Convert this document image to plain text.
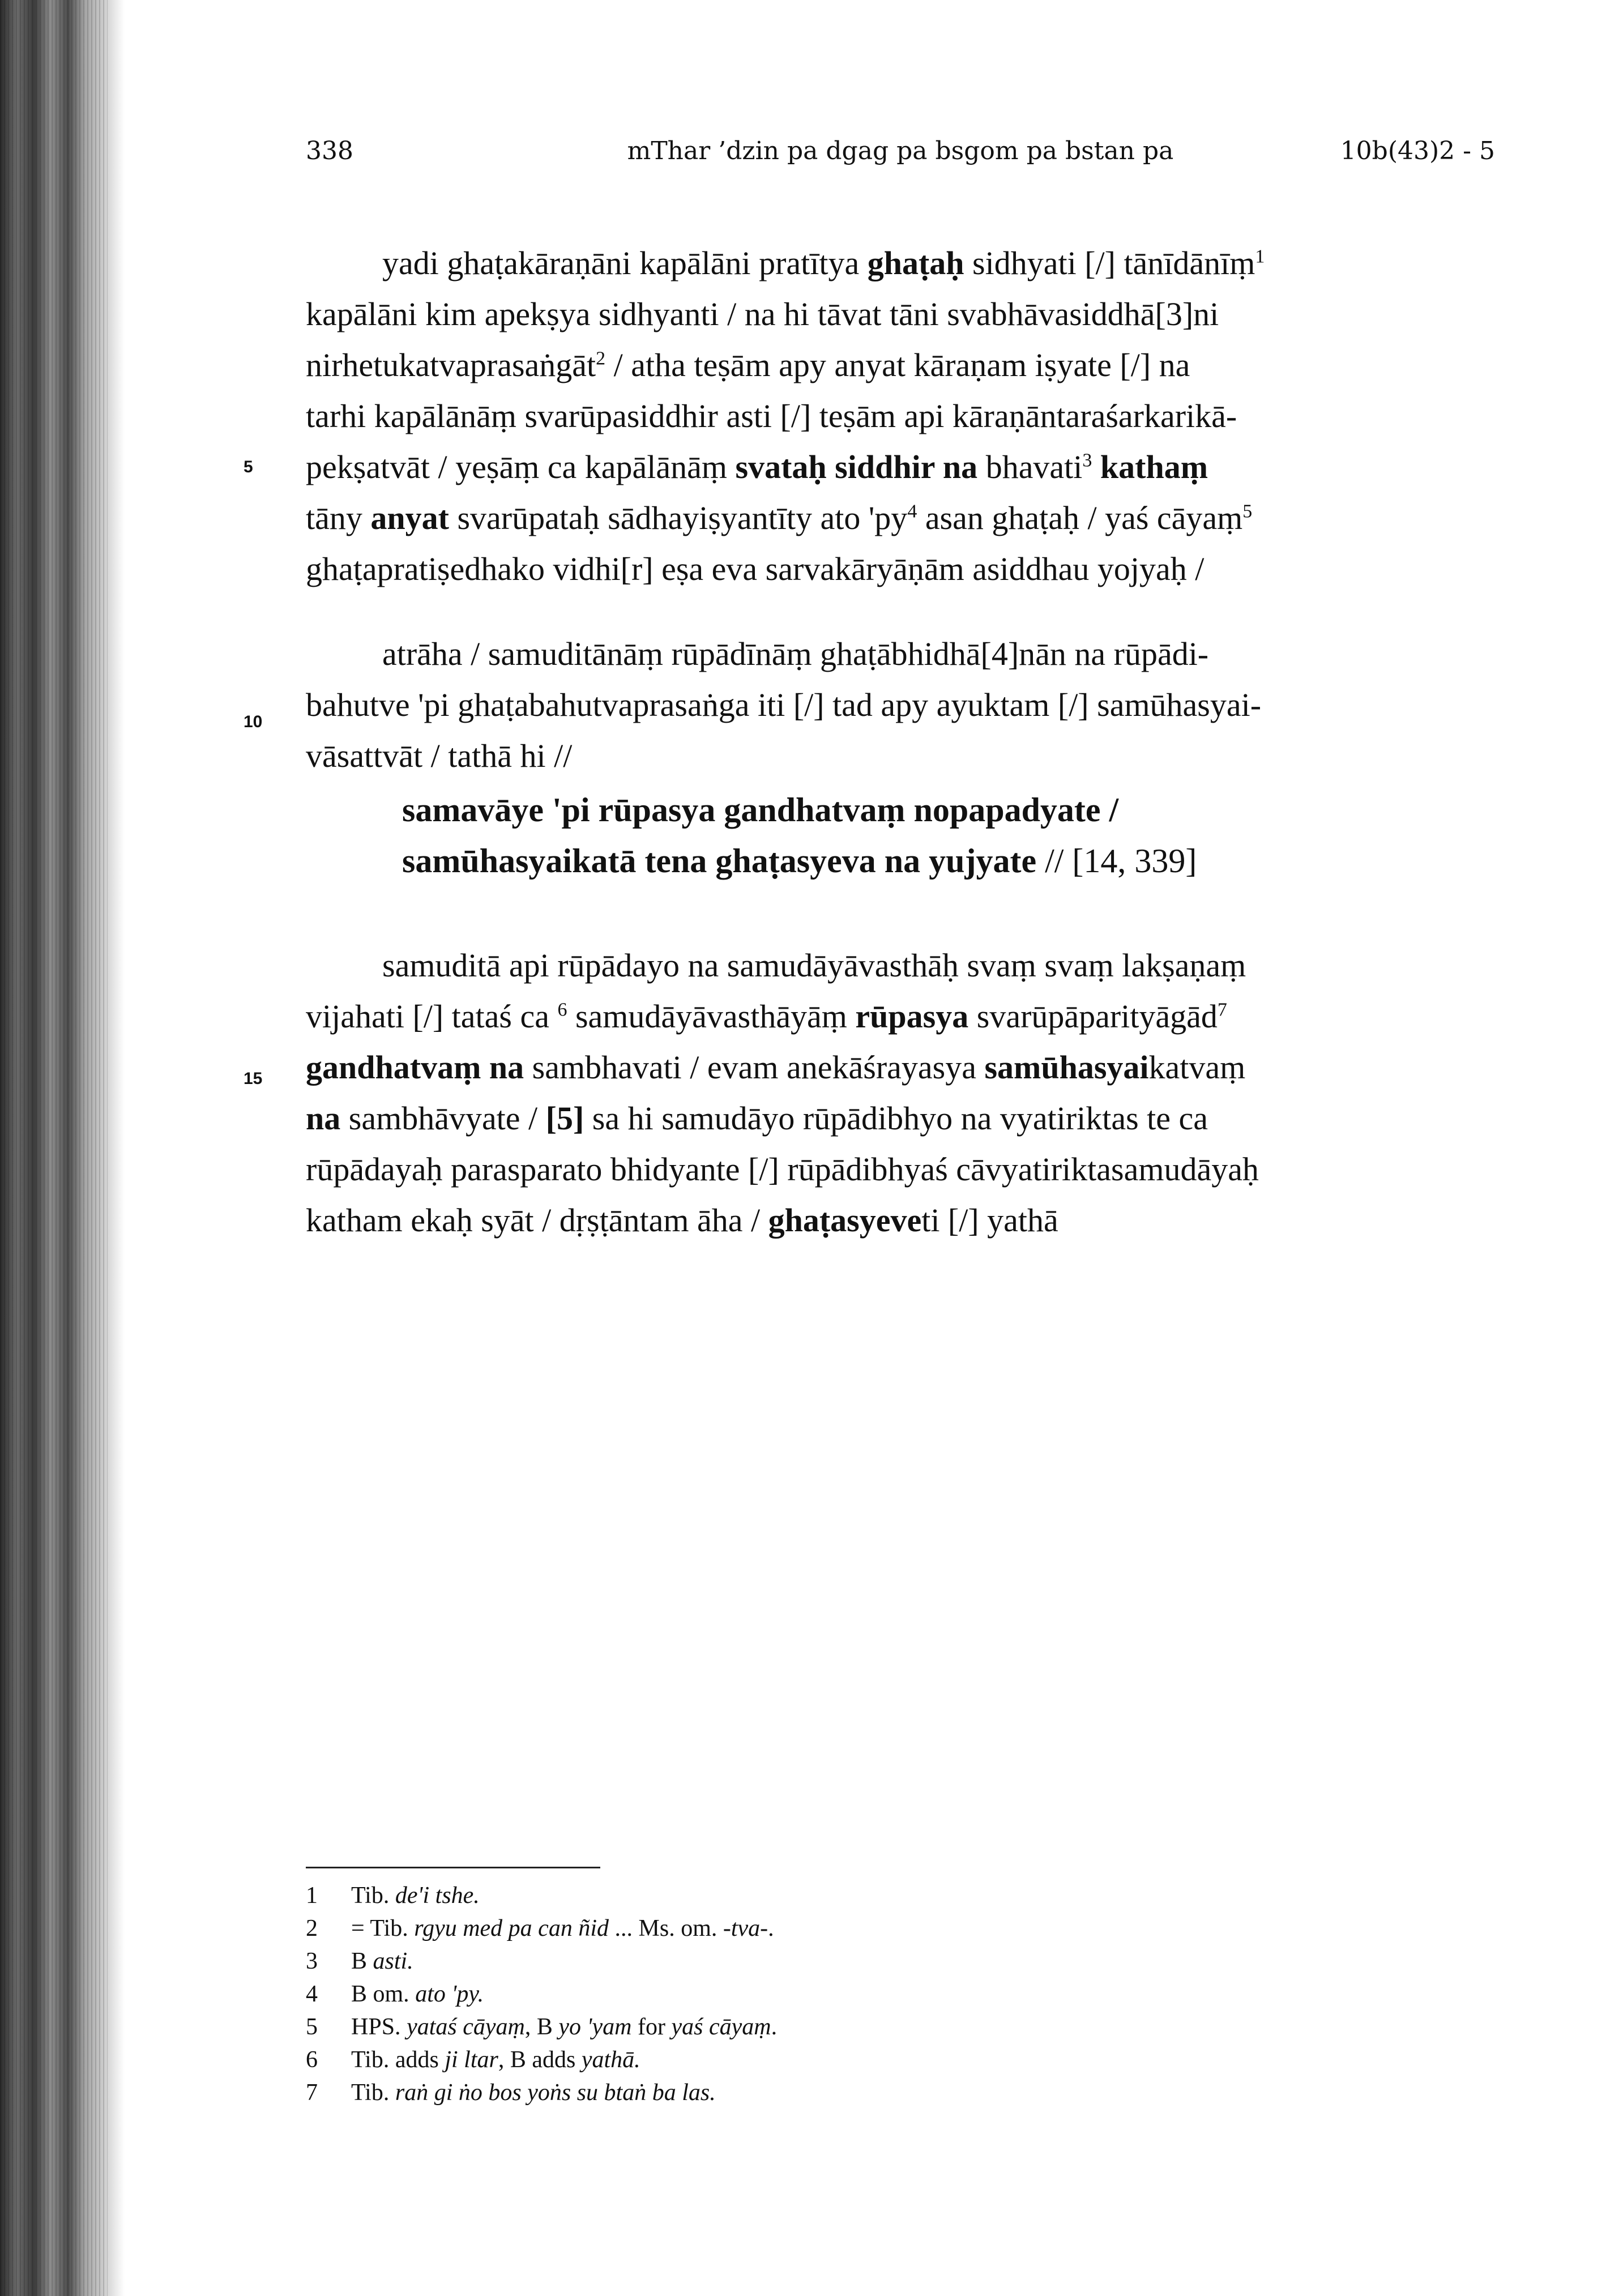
338	mThar ’dzin pa dgag pa bsgom pa bstan pa	10b(43)2 - 5
5
10
15
yadi ghaṭakāraṇāni kapālāni pratītya ghaṭaḥ sidhyati [/] tānīdānīṃ$^1$
kapālāni kim apekṣya sidhyanti / na hi tāvat tāni svabhāvasiddhā[3]ni
nirhetukatvaprasaṅgāt$^2$ / atha teṣām apy anyat kāraṇam iṣyate [/] na
tarhi kapālānāṃ svarūpasiddhir asti [/] teṣām api kāraṇāntaraśarkarikā-
pekṣatvāt / yeṣāṃ ca kapālānāṃ svataḥ siddhir na bhavati$^3$ kathaṃ
tāny anyat svarūpataḥ sādhayiṣyantīty ato '$py^4$ asan ghaṭaḥ / yaś cāyaṃ$^5$
ghaṭapratiṣedhako vidhi[r] eṣa eva sarvakāryāṇām asiddhau yojyaḥ /
atrāha / samuditānāṃ rūpādīnāṃ ghaṭābhidhā[4]nān na rūpādi-
bahutve 'pi ghaṭabahutvaprasaṅga iti [/] tad apy ayuktam [/] samūhasyai-
vāsattvāt / tathā hi //
samavāye 'pi rūpasya gandhatvaṃ nopapadyate /
samūhasyaikatā tena ghaṭasyeva na yujyate // [14, 339]
samuditā api rūpādayo na samudāyāvasthāḥ svaṃ svaṃ lakṣaṇaṃ
vijahati [/] tataś ca $^6$ samudāyāvasthāyāṃ rūpasya svarūpāparityāgād$^7$
gandhatvaṃ na sambhavati / evam anekāśrayasya samūhasyaikatvaṃ
na sambhāvyate / [5] sa hi samudāyo rūpādibhyo na vyatiriktas te ca
rūpādayaḥ parasparato bhidyante [/] rūpādibhyaś cāvyatiriktasamudāyaḥ
katham ekaḥ syāt / dṛṣṭāntam āha / ghaṭasyeveti [/] yathā
1 Tib. de'i tshe.
2 = Tib. rgyu med pa can ñid ... Ms. om. -tva-.
3 B asti.
4 B om. ato 'py.
5 HPS. yataś cāyaṃ, B yo 'yam for yaś cāyaṃ.
6 Tib. adds ji ltar, B adds yathā.
7 Tib. raṅ gi ṅo bos yoṅs su btaṅ ba las.
